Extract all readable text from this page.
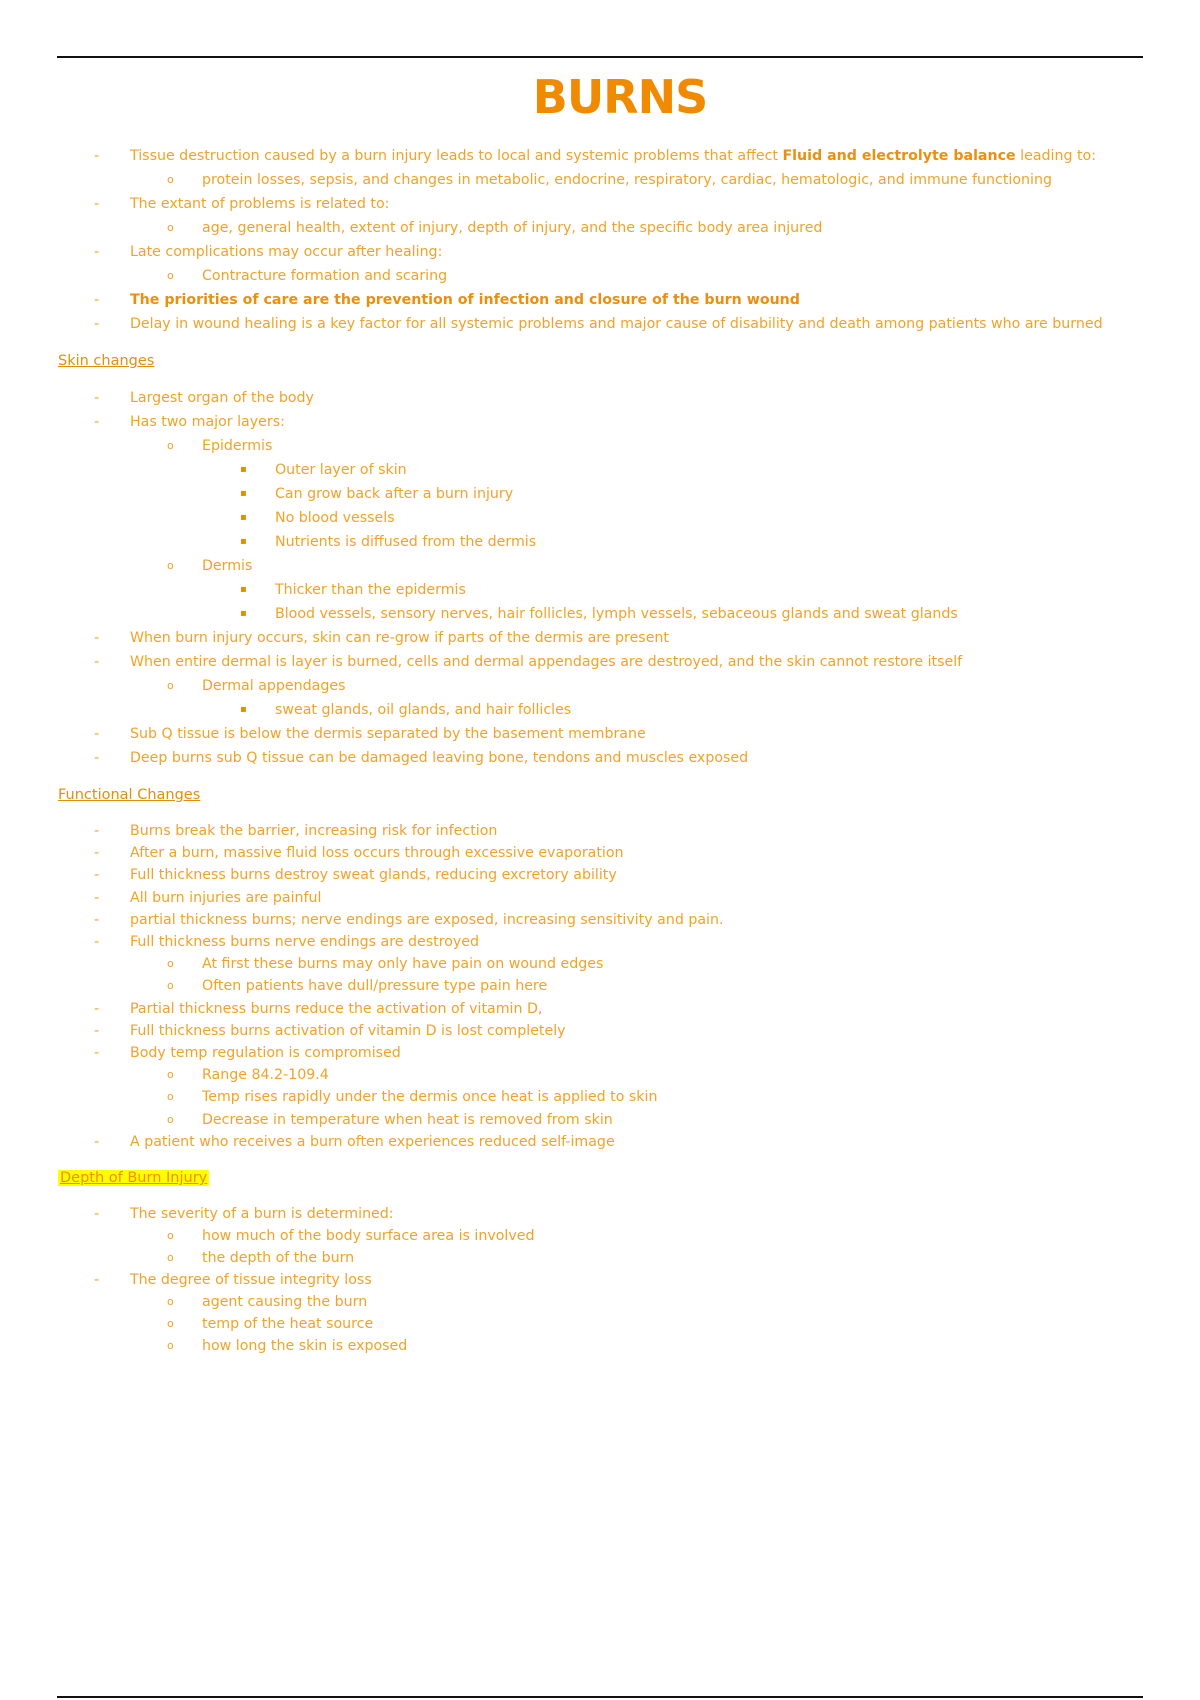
BURNS
- Tissue destruction caused by a burn injury leads to local and systemic problems that affect Fluid and electrolyte balance leading to:
o protein losses, sepsis, and changes in metabolic, endocrine, respiratory, cardiac, hematologic, and immune functioning
- The extant of problems is related to:
o age, general health, extent of injury, depth of injury, and the specific body area injured
- Late complications may occur after healing:
o Contracture formation and scaring
- The priorities of care are the prevention of infection and closure of the burn wound
- Delay in wound healing is a key factor for all systemic problems and major cause of disability and death among patients who are burned
Skin changes
- Largest organ of the body
- Has two major layers:
o Epidermis
▪ Outer layer of skin
▪ Can grow back after a burn injury
▪ No blood vessels
▪ Nutrients is diffused from the dermis
o Dermis
▪ Thicker than the epidermis
▪ Blood vessels, sensory nerves, hair follicles, lymph vessels, sebaceous glands and sweat glands
- When burn injury occurs, skin can re-grow if parts of the dermis are present
- When entire dermal is layer is burned, cells and dermal appendages are destroyed, and the skin cannot restore itself
o Dermal appendages
▪ sweat glands, oil glands, and hair follicles
- Sub Q tissue is below the dermis separated by the basement membrane
- Deep burns sub Q tissue can be damaged leaving bone, tendons and muscles exposed
Functional Changes
- Burns break the barrier, increasing risk for infection
- After a burn, massive fluid loss occurs through excessive evaporation
- Full thickness burns destroy sweat glands, reducing excretory ability
- All burn injuries are painful
- partial thickness burns; nerve endings are exposed, increasing sensitivity and pain.
- Full thickness burns nerve endings are destroyed
o At first these burns may only have pain on wound edges
o Often patients have dull/pressure type pain here
- Partial thickness burns reduce the activation of vitamin D,
- Full thickness burns activation of vitamin D is lost completely
- Body temp regulation is compromised
o Range 84.2-109.4
o Temp rises rapidly under the dermis once heat is applied to skin
o Decrease in temperature when heat is removed from skin
- A patient who receives a burn often experiences reduced self-image
Depth of Burn Injury
- The severity of a burn is determined:
o how much of the body surface area is involved
o the depth of the burn
- The degree of tissue integrity loss
o agent causing the burn
o temp of the heat source
o how long the skin is exposed
